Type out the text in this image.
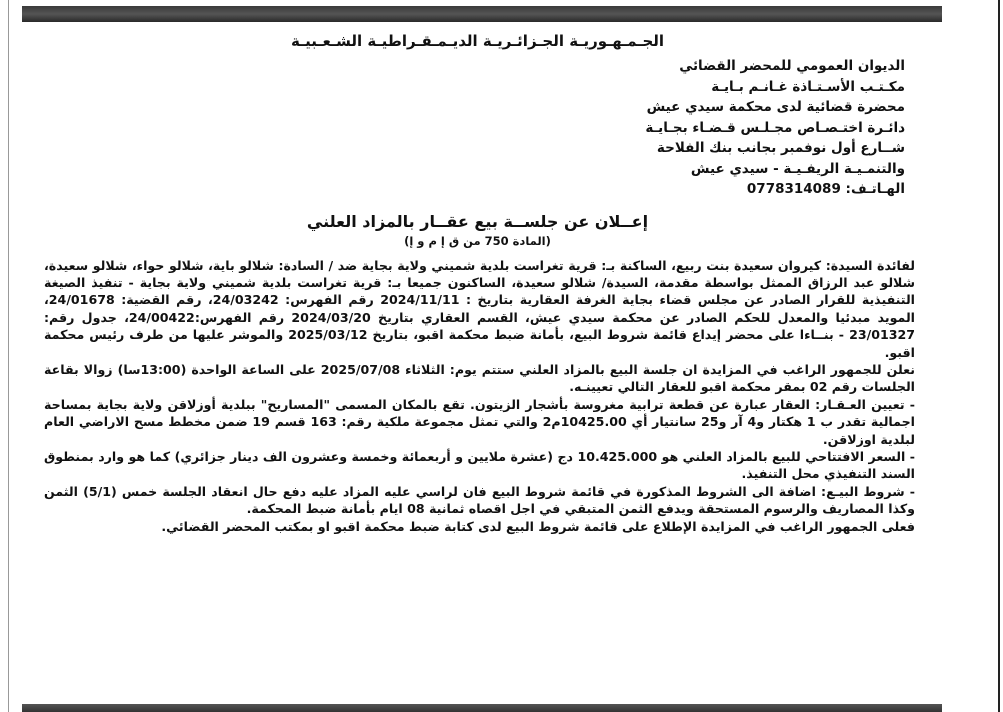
الجـمـهـوريـة الجـزائـريـة الديـمـقـراطيـة الشـعـبيـة
الديوان العمومي للمحضر القضائي
مكـتـب الأسـتـاذة غـانـم بـايـة
محضرة قضائية لدى محكمة سيدي عيش
دائـرة اختـصـاص مجـلـس قـضـاء بجـايـة
شــارع أول نوفمبر بجانب بنك الفلاحة
والتنمـيـة الريفـيـة - سيدي عيش
الهـاتـف: 0778314089
إعــلان عن جلســة بيع عقــار بالمزاد العلني
(المادة 750 من ق إ م و إ)

لفائدة السيدة: كيروان سعيدة بنت ربيع، الساكنة بـ: قرية تغراست بلدية شميني ولاية بجاية ضد / السادة: شلالو باية، شلالو حواء، شلالو سعيدة، شلالو عبد الرزاق الممثل بواسطة مقدمة، السيدة/ شلالو سعيدة، الساكنون جميعا بـ: قرية تغراست بلدية شميني ولاية بجاية - تنفيذ الصيغة التنفيذية للقرار الصادر عن مجلس قضاء بجاية الغرفة العقارية بتاريخ : 2024/11/11 رقم الفهرس: 24/03242، رقم القضية: 24/01678، المويد مبدئيا والمعدل للحكم الصادر عن محكمة سيدي عيش، القسم العقاري بتاريخ 2024/03/20 رقم الفهرس:24/00422، جدول رقم: 23/01327 - بنــاءا على محضر إيداع قائمة شروط البيع، بأمانة ضبط محكمة اقبو، بتاريخ 2025/03/12 والموشر عليها من طرف رئيس محكمة اقبو.

نعلن للجمهور الراغب في المزايدة ان جلسة البيع بالمزاد العلني ستتم يوم: الثلاثاء 2025/07/08 على الساعة الواحدة (13:00سا) زوالا بقاعة الجلسات رقم 02 بمقر محكمة اقبو للعقار التالي تعيينـه.

- تعيين العـقـار: العقار عبارة عن قطعة ترابية مغروسة بأشجار الزيتون. تقع بالمكان المسمى "المساريح" ببلدية أوزلاقن ولاية بجاية بمساحة اجمالية تقدر ب 1 هكتار و4 آر و25 سانتيار أي 10425.00م2 والتي تمثل مجموعة ملكية رقم: 163 قسم 19 ضمن مخطط مسح الاراضي العام لبلدية اوزلاقن.

- السعر الافتتاحي للبيع بالمزاد العلني هو 10.425.000 دج (عشرة ملايين و أربعمائة وخمسة وعشرون الف دينار جزائري) كما هو وارد بمنطوق السند التنفيذي محل التنفيذ.

- شروط البيـع: اضافة الى الشروط المذكورة في قائمة شروط البيع فان لراسي عليه المزاد عليه دفع حال انعقاد الجلسة خمس (5/1) الثمن وكذا المصاريف والرسوم المستحقة ويدفع الثمن المتبقي في اجل اقصاه ثمانية 08 ايام بأمانة ضبط المحكمة.

فعلى الجمهور الراغب في المزايدة الإطلاع على قائمة شروط البيع لدى كتابة ضبط محكمة اقبو او بمكتب المحضر القضائي.
